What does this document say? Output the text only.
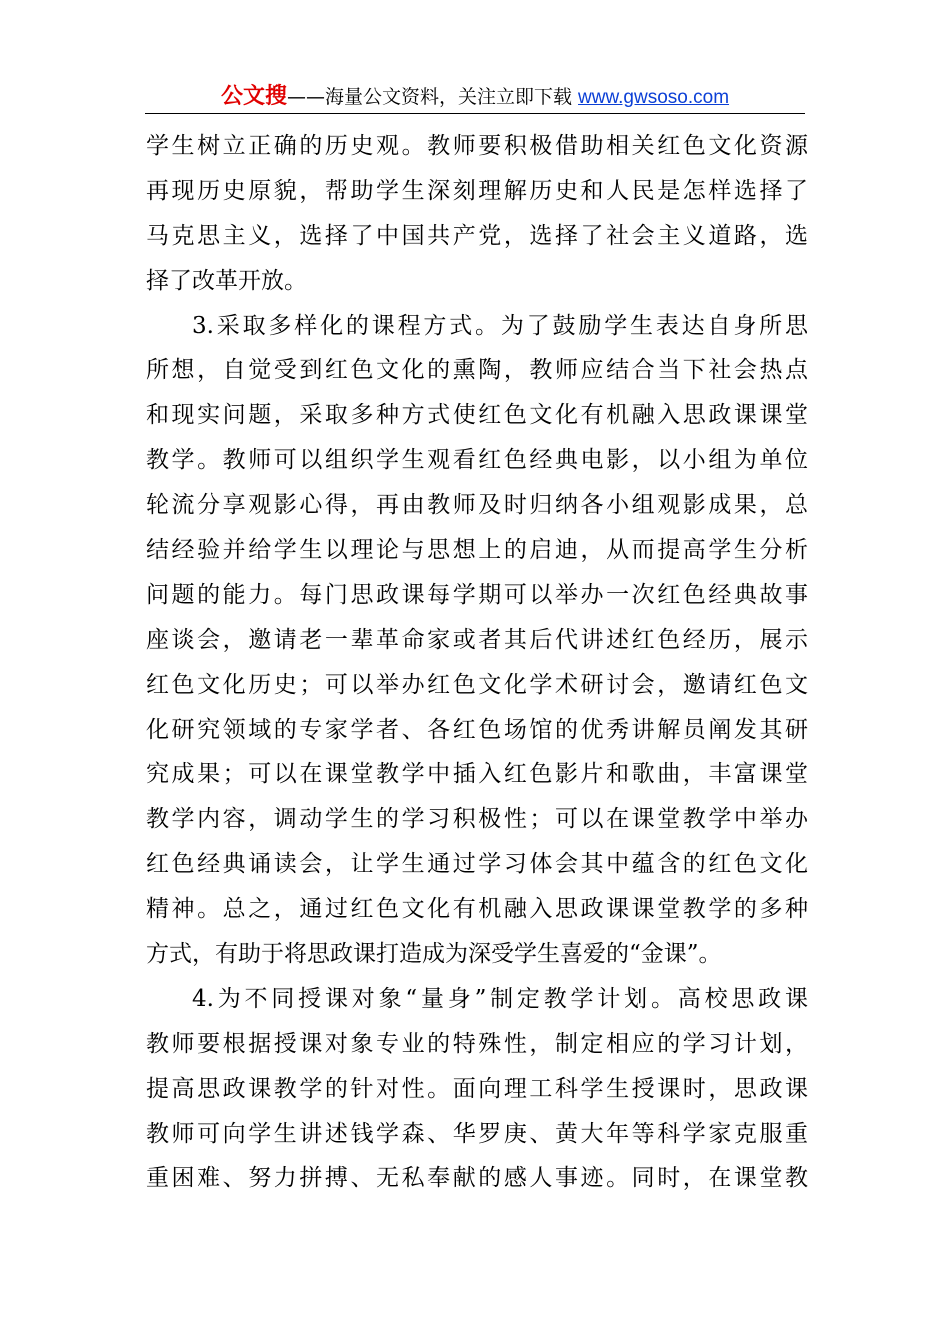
公文搜——海量公文资料，关注立即下载 www.gwsoso.com
学生树立正确的历史观。教师要积极借助相关红色文化资源
再现历史原貌，帮助学生深刻理解历史和人民是怎样选择了
马克思主义，选择了中国共产党，选择了社会主义道路，选
择了改革开放。
3.采取多样化的课程方式。为了鼓励学生表达自身所思
所想，自觉受到红色文化的熏陶，教师应结合当下社会热点
和现实问题，采取多种方式使红色文化有机融入思政课课堂
教学。教师可以组织学生观看红色经典电影，以小组为单位
轮流分享观影心得，再由教师及时归纳各小组观影成果，总
结经验并给学生以理论与思想上的启迪，从而提高学生分析
问题的能力。每门思政课每学期可以举办一次红色经典故事
座谈会，邀请老一辈革命家或者其后代讲述红色经历，展示
红色文化历史；可以举办红色文化学术研讨会，邀请红色文
化研究领域的专家学者、各红色场馆的优秀讲解员阐发其研
究成果；可以在课堂教学中插入红色影片和歌曲，丰富课堂
教学内容，调动学生的学习积极性；可以在课堂教学中举办
红色经典诵读会，让学生通过学习体会其中蕴含的红色文化
精神。总之，通过红色文化有机融入思政课课堂教学的多种
方式，有助于将思政课打造成为深受学生喜爱的“金课”。
4.为不同授课对象“量身”制定教学计划。高校思政课
教师要根据授课对象专业的特殊性，制定相应的学习计划，
提高思政课教学的针对性。面向理工科学生授课时，思政课
教师可向学生讲述钱学森、华罗庚、黄大年等科学家克服重
重困难、努力拼搏、无私奉献的感人事迹。同时，在课堂教
